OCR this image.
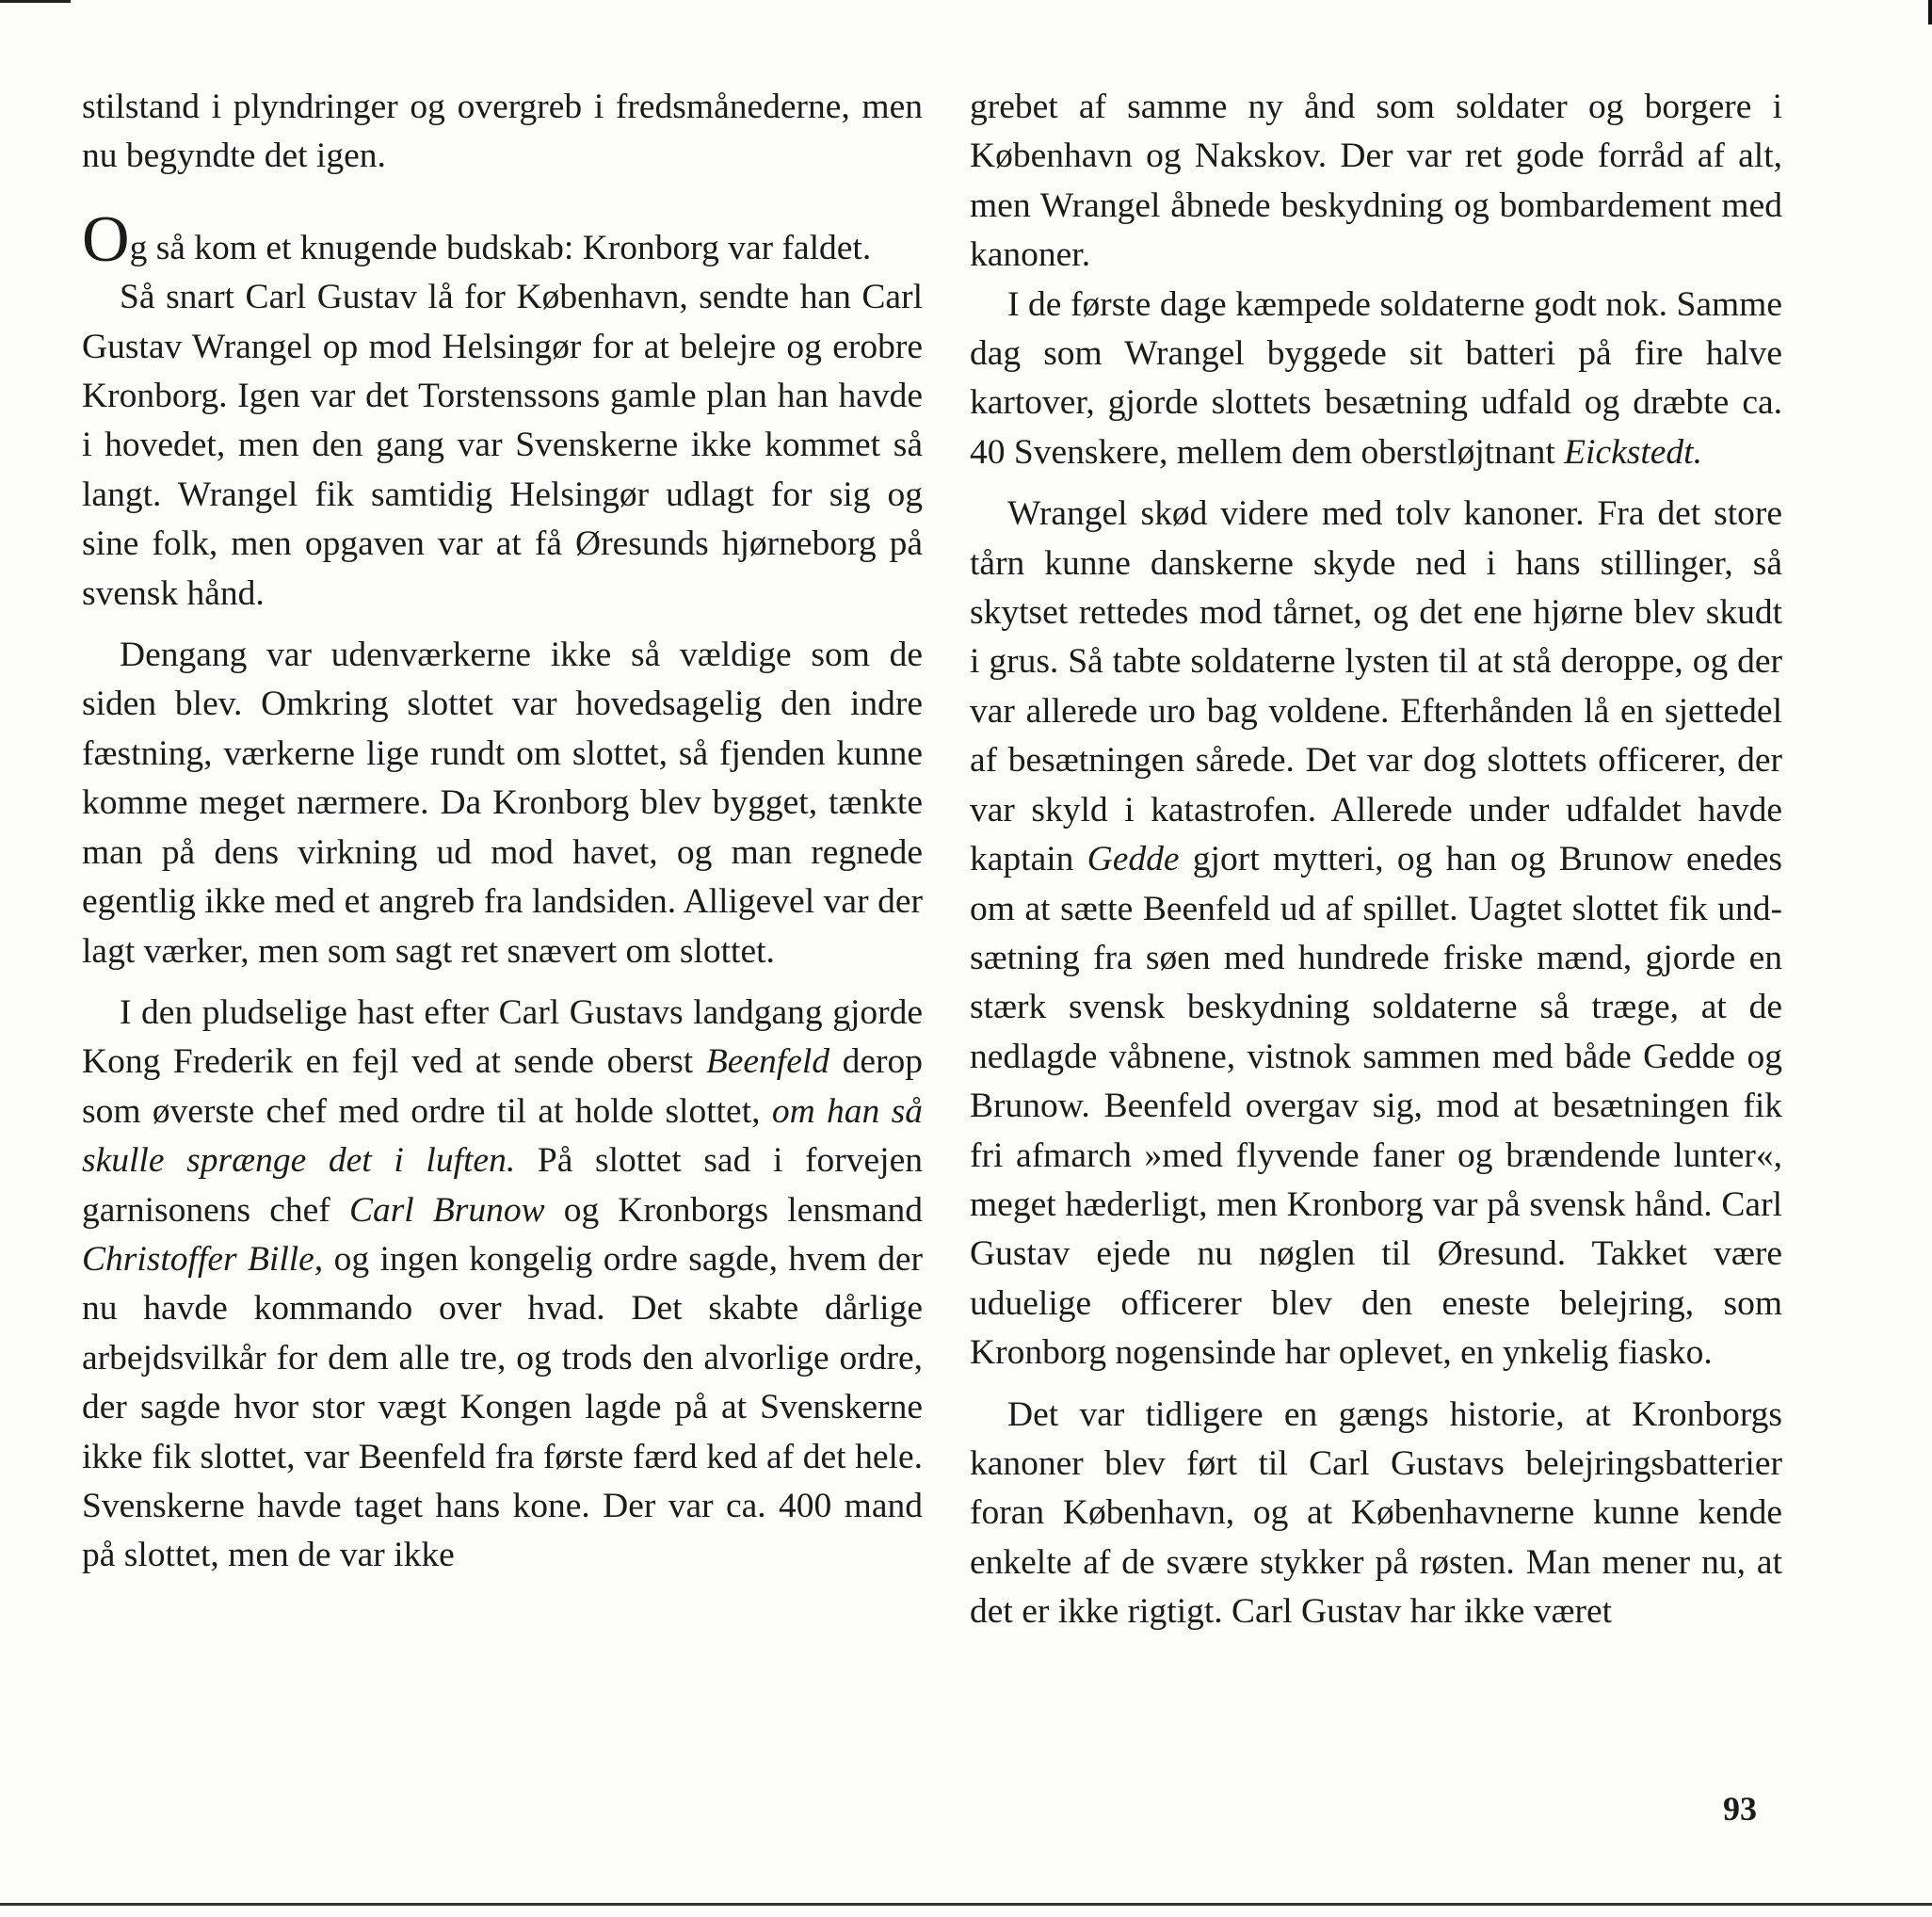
stilstand i plyndringer og overgreb i fredsmånederne, men nu begyndte det igen.

Og så kom et knugende budskab: Kronborg var faldet.

Så snart Carl Gustav lå for København, sendte han Carl Gustav Wrangel op mod Helsingør for at belejre og erobre Kronborg. Igen var det Torstenssons gamle plan han havde i hovedet, men den gang var Svenskerne ikke kommet så langt. Wrangel fik samtidig Helsingør udlagt for sig og sine folk, men opgaven var at få Øresunds hjørneborg på svensk hånd.

Dengang var udenværkerne ikke så vældige som de siden blev. Omkring slottet var hovedsagelig den indre fæstning, værkerne lige rundt om slottet, så fjenden kunne komme meget nærmere. Da Kronborg blev bygget, tænkte man på dens virkning ud mod havet, og man regnede egentlig ikke med et angreb fra landsiden. Alligevel var der lagt værker, men som sagt ret snævert om slottet.

I den pludselige hast efter Carl Gustavs landgang gjorde Kong Frederik en fejl ved at sende oberst Beenfeld derop som øverste chef med ordre til at holde slottet, om han så skulle sprænge det i luften. På slottet sad i forvejen garnisonens chef Carl Brunow og Kronborgs lensmand Christoffer Bille, og ingen kongelig ordre sagde, hvem der nu havde kommando over hvad. Det skabte dårlige arbejdsvilkår for dem alle tre, og trods den alvorlige ordre, der sagde hvor stor vægt Kongen lagde på at Svenskerne ikke fik slottet, var Beenfeld fra første færd ked af det hele. Svenskerne havde taget hans kone. Der var ca. 400 mand på slottet, men de var ikke

grebet af samme ny ånd som soldater og borgere i København og Nakskov. Der var ret gode forråd af alt, men Wrangel åbnede beskydning og bombardement med kanoner.

I de første dage kæmpede soldaterne godt nok. Samme dag som Wrangel byggede sit batteri på fire halve kartover, gjorde slottets besætning udfald og dræbte ca. 40 Svenskere, mellem dem oberstløjtnant Eickstedt.

Wrangel skød videre med tolv kanoner. Fra det store tårn kunne danskerne skyde ned i hans stillinger, så skytset rettedes mod tårnet, og det ene hjørne blev skudt i grus. Så tabte soldaterne lysten til at stå deroppe, og der var allerede uro bag voldene. Efterhånden lå en sjettedel af besætningen sårede. Det var dog slottets officerer, der var skyld i katastrofen. Allerede under udfaldet havde kaptain Gedde gjort mytteri, og han og Brunow enedes om at sætte Beenfeld ud af spillet. Uagtet slottet fik undsætning fra søen med hundrede friske mænd, gjorde en stærk svensk beskydning soldaterne så træge, at de nedlagde våbnene, vistnok sammen med både Gedde og Brunow. Beenfeld overgav sig, mod at besætningen fik fri afmarch »med flyvende faner og brændende lunter«, meget hæderligt, men Kronborg var på svensk hånd. Carl Gustav ejede nu nøglen til Øresund. Takket være uduelige officerer blev den eneste belejring, som Kronborg nogensinde har oplevet, en ynkelig fiasko.

Det var tidligere en gængs historie, at Kronborgs kanoner blev ført til Carl Gustavs belejringsbatterier foran København, og at Københavnerne kunne kende enkelte af de svære stykker på røsten. Man mener nu, at det er ikke rigtigt. Carl Gustav har ikke været

93
